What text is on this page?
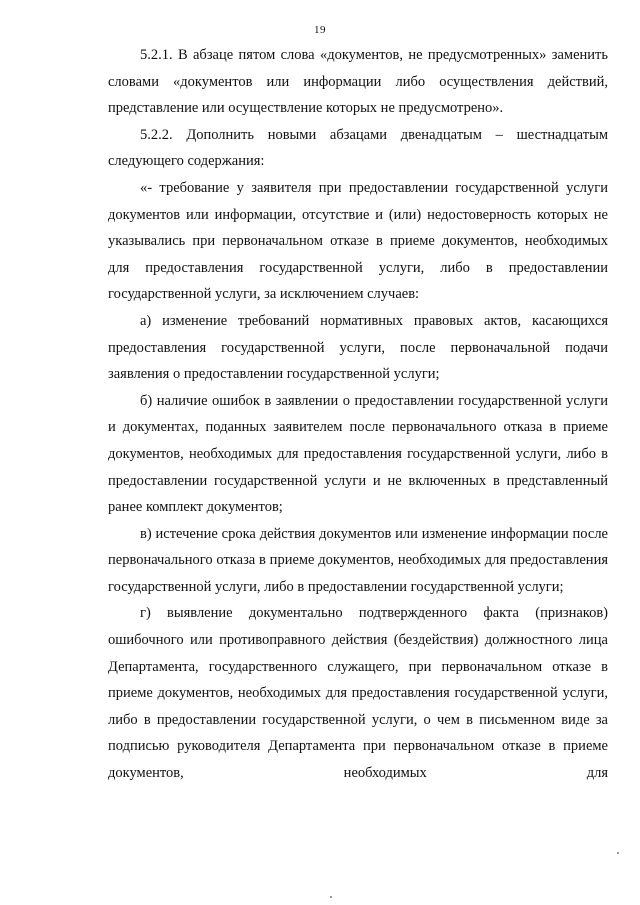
19

5.2.1. В абзаце пятом слова «документов, не предусмотренных» заменить словами «документов или информации либо осуществления действий, представление или осуществление которых не предусмотрено».

5.2.2. Дополнить новыми абзацами двенадцатым – шестнадцатым следующего содержания:

«- требование у заявителя при предоставлении государственной услуги документов или информации, отсутствие и (или) недостоверность которых не указывались при первоначальном отказе в приеме документов, необходимых для предоставления государственной услуги, либо в предоставлении государственной услуги, за исключением случаев:

а) изменение требований нормативных правовых актов, касающихся предоставления государственной услуги, после первоначальной подачи заявления о предоставлении государственной услуги;

б) наличие ошибок в заявлении о предоставлении государственной услуги и документах, поданных заявителем после первоначального отказа в приеме документов, необходимых для предоставления государственной услуги, либо в предоставлении государственной услуги и не включенных в представленный ранее комплект документов;

в) истечение срока действия документов или изменение информации после первоначального отказа в приеме документов, необходимых для предоставления государственной услуги, либо в предоставлении государственной услуги;

г) выявление документально подтвержденного факта (признаков) ошибочного или противоправного действия (бездействия) должностного лица Департамента, государственного служащего, при первоначальном отказе в приеме документов, необходимых для предоставления государственной услуги, либо в предоставлении государственной услуги, о чем в письменном виде за подписью руководителя Департамента при первоначальном отказе в приеме документов, необходимых для
